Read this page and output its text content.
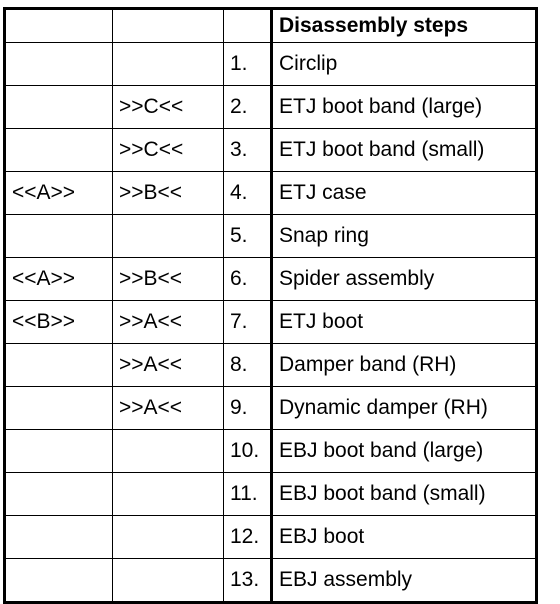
			Disassembly steps
		1.	Circlip
	>>C<<	2.	ETJ boot band (large)
	>>C<<	3.	ETJ boot band (small)
<<A>>	>>B<<	4.	ETJ case
		5.	Snap ring
<<A>>	>>B<<	6.	Spider assembly
<<B>>	>>A<<	7.	ETJ boot
	>>A<<	8.	Damper band (RH)
	>>A<<	9.	Dynamic damper (RH)
		10.	EBJ boot band (large)
		11.	EBJ boot band (small)
		12.	EBJ boot
		13.	EBJ assembly
